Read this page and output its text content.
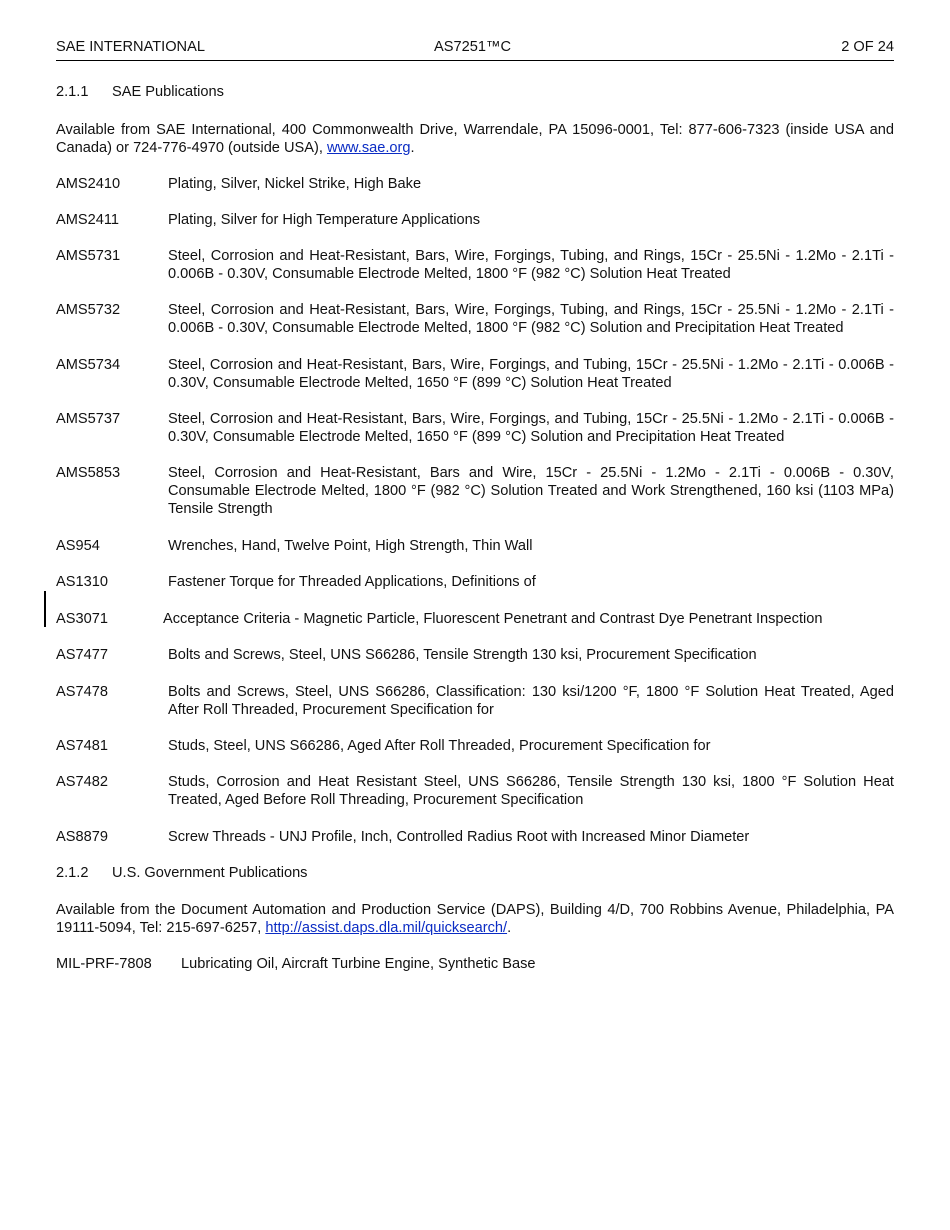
SAE INTERNATIONAL	AS7251™C	2 OF 24
2.1.1 SAE Publications
Available from SAE International, 400 Commonwealth Drive, Warrendale, PA 15096-0001, Tel: 877-606-7323 (inside USA and Canada) or 724-776-4970 (outside USA), www.sae.org.
AMS2410	Plating, Silver, Nickel Strike, High Bake
AMS2411	Plating, Silver for High Temperature Applications
AMS5731	Steel, Corrosion and Heat-Resistant, Bars, Wire, Forgings, Tubing, and Rings, 15Cr - 25.5Ni - 1.2Mo - 2.1Ti - 0.006B - 0.30V, Consumable Electrode Melted, 1800 °F (982 °C) Solution Heat Treated
AMS5732	Steel, Corrosion and Heat-Resistant, Bars, Wire, Forgings, Tubing, and Rings, 15Cr - 25.5Ni - 1.2Mo - 2.1Ti - 0.006B - 0.30V, Consumable Electrode Melted, 1800 °F (982 °C) Solution and Precipitation Heat Treated
AMS5734	Steel, Corrosion and Heat-Resistant, Bars, Wire, Forgings, and Tubing, 15Cr - 25.5Ni - 1.2Mo - 2.1Ti - 0.006B - 0.30V, Consumable Electrode Melted, 1650 °F (899 °C) Solution Heat Treated
AMS5737	Steel, Corrosion and Heat-Resistant, Bars, Wire, Forgings, and Tubing, 15Cr - 25.5Ni - 1.2Mo - 2.1Ti - 0.006B - 0.30V, Consumable Electrode Melted, 1650 °F (899 °C) Solution and Precipitation Heat Treated
AMS5853	Steel, Corrosion and Heat-Resistant, Bars and Wire, 15Cr - 25.5Ni - 1.2Mo - 2.1Ti - 0.006B - 0.30V, Consumable Electrode Melted, 1800 °F (982 °C) Solution Treated and Work Strengthened, 160 ksi (1103 MPa) Tensile Strength
AS954	Wrenches, Hand, Twelve Point, High Strength, Thin Wall
AS1310	Fastener Torque for Threaded Applications, Definitions of
AS3071	Acceptance Criteria - Magnetic Particle, Fluorescent Penetrant and Contrast Dye Penetrant Inspection
AS7477	Bolts and Screws, Steel, UNS S66286, Tensile Strength 130 ksi, Procurement Specification
AS7478	Bolts and Screws, Steel, UNS S66286, Classification: 130 ksi/1200 °F, 1800 °F Solution Heat Treated, Aged After Roll Threaded, Procurement Specification for
AS7481	Studs, Steel, UNS S66286, Aged After Roll Threaded, Procurement Specification for
AS7482	Studs, Corrosion and Heat Resistant Steel, UNS S66286, Tensile Strength 130 ksi, 1800 °F Solution Heat Treated, Aged Before Roll Threading, Procurement Specification
AS8879	Screw Threads - UNJ Profile, Inch, Controlled Radius Root with Increased Minor Diameter
2.1.2 U.S. Government Publications
Available from the Document Automation and Production Service (DAPS), Building 4/D, 700 Robbins Avenue, Philadelphia, PA 19111-5094, Tel: 215-697-6257, http://assist.daps.dla.mil/quicksearch/.
MIL-PRF-7808 Lubricating Oil, Aircraft Turbine Engine, Synthetic Base
